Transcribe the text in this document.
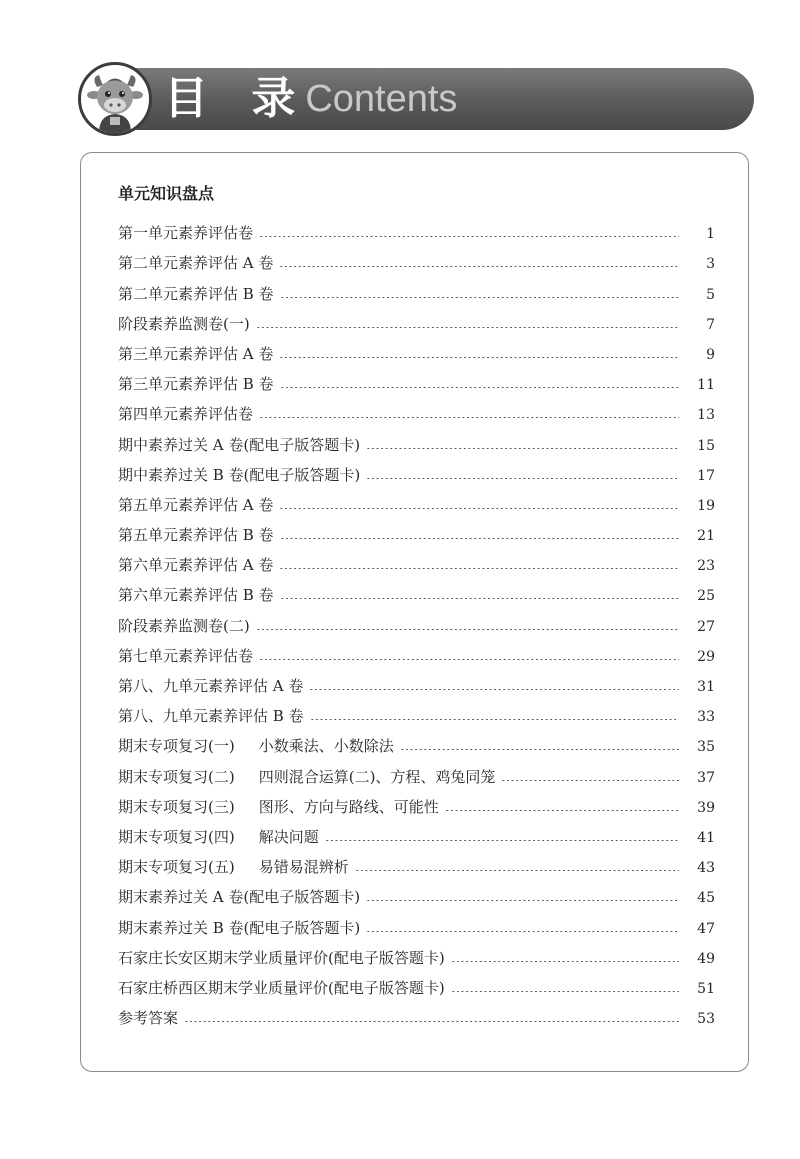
目 录
Contents
单元知识盘点
第一单元素养评估卷	1
第二单元素养评估 A 卷	3
第二单元素养评估 B 卷	5
阶段素养监测卷(一)	7
第三单元素养评估 A 卷	9
第三单元素养评估 B 卷	11
第四单元素养评估卷	13
期中素养过关 A 卷(配电子版答题卡)	15
期中素养过关 B 卷(配电子版答题卡)	17
第五单元素养评估 A 卷	19
第五单元素养评估 B 卷	21
第六单元素养评估 A 卷	23
第六单元素养评估 B 卷	25
阶段素养监测卷(二)	27
第七单元素养评估卷	29
第八、九单元素养评估 A 卷	31
第八、九单元素养评估 B 卷	33
期末专项复习(一)	小数乘法、小数除法	35
期末专项复习(二)	四则混合运算(二)、方程、鸡兔同笼	37
期末专项复习(三)	图形、方向与路线、可能性	39
期末专项复习(四)	解决问题	41
期末专项复习(五)	易错易混辨析	43
期末素养过关 A 卷(配电子版答题卡)	45
期末素养过关 B 卷(配电子版答题卡)	47
石家庄长安区期末学业质量评价(配电子版答题卡)	49
石家庄桥西区期末学业质量评价(配电子版答题卡)	51
参考答案	53
